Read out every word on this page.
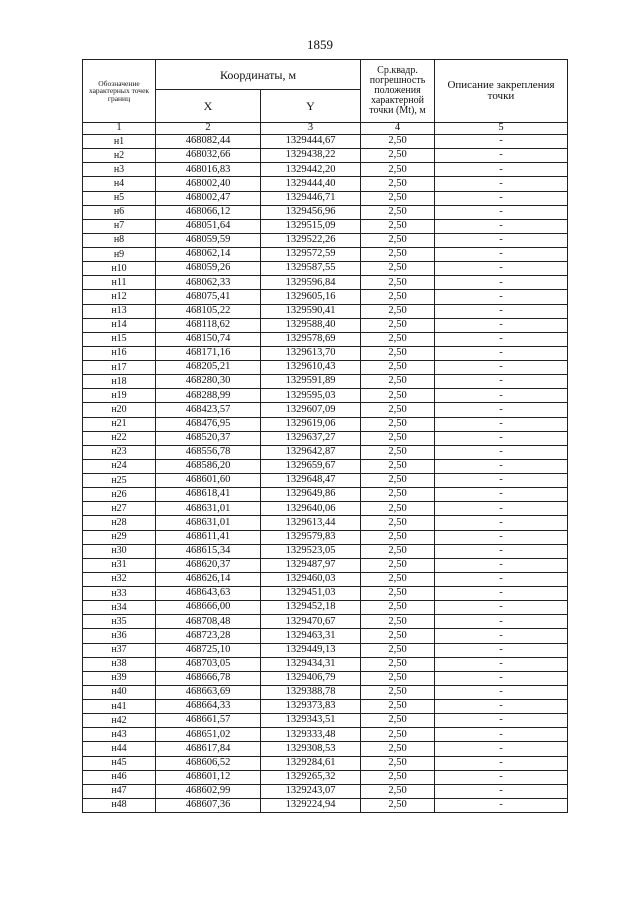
1859
Обозначение характерных точек границ	Координаты, м		Ср.квадр. погрешность положения характерной точки (Mt), м	Описание закрепления точки
	X	Y		
1	2	3	4	5
н1	468082,44	1329444,67	2,50	-
н2	468032,66	1329438,22	2,50	-
н3	468016,83	1329442,20	2,50	-
н4	468002,40	1329444,40	2,50	-
н5	468002,47	1329446,71	2,50	-
н6	468066,12	1329456,96	2,50	-
н7	468051,64	1329515,09	2,50	-
н8	468059,59	1329522,26	2,50	-
н9	468062,14	1329572,59	2,50	-
н10	468059,26	1329587,55	2,50	-
н11	468062,33	1329596,84	2,50	-
н12	468075,41	1329605,16	2,50	-
н13	468105,22	1329590,41	2,50	-
н14	468118,62	1329588,40	2,50	-
н15	468150,74	1329578,69	2,50	-
н16	468171,16	1329613,70	2,50	-
н17	468205,21	1329610,43	2,50	-
н18	468280,30	1329591,89	2,50	-
н19	468288,99	1329595,03	2,50	-
н20	468423,57	1329607,09	2,50	-
н21	468476,95	1329619,06	2,50	-
н22	468520,37	1329637,27	2,50	-
н23	468556,78	1329642,87	2,50	-
н24	468586,20	1329659,67	2,50	-
н25	468601,60	1329648,47	2,50	-
н26	468618,41	1329649,86	2,50	-
н27	468631,01	1329640,06	2,50	-
н28	468631,01	1329613,44	2,50	-
н29	468611,41	1329579,83	2,50	-
н30	468615,34	1329523,05	2,50	-
н31	468620,37	1329487,97	2,50	-
н32	468626,14	1329460,03	2,50	-
н33	468643,63	1329451,03	2,50	-
н34	468666,00	1329452,18	2,50	-
н35	468708,48	1329470,67	2,50	-
н36	468723,28	1329463,31	2,50	-
н37	468725,10	1329449,13	2,50	-
н38	468703,05	1329434,31	2,50	-
н39	468666,78	1329406,79	2,50	-
н40	468663,69	1329388,78	2,50	-
н41	468664,33	1329373,83	2,50	-
н42	468661,57	1329343,51	2,50	-
н43	468651,02	1329333,48	2,50	-
н44	468617,84	1329308,53	2,50	-
н45	468606,52	1329284,61	2,50	-
н46	468601,12	1329265,32	2,50	-
н47	468602,99	1329243,07	2,50	-
н48	468607,36	1329224,94	2,50	-
